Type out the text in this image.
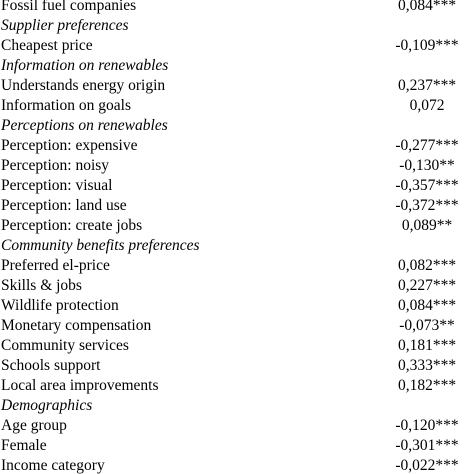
Fossil fuel companies	0,084***
Supplier preferences
Cheapest price	-0,109***
Information on renewables
Understands energy origin	0,237***
Information on goals	0,072
Perceptions on renewables
Perception: expensive	-0,277***
Perception: noisy	-0,130**
Perception: visual	-0,357***
Perception: land use	-0,372***
Perception: create jobs	0,089**
Community benefits preferences
Preferred el-price	0,082***
Skills & jobs	0,227***
Wildlife protection	0,084***
Monetary compensation	-0,073**
Community services	0,181***
Schools support	0,333***
Local area improvements	0,182***
Demographics
Age group	-0,120***
Female	-0,301***
Income category	-0,022***
